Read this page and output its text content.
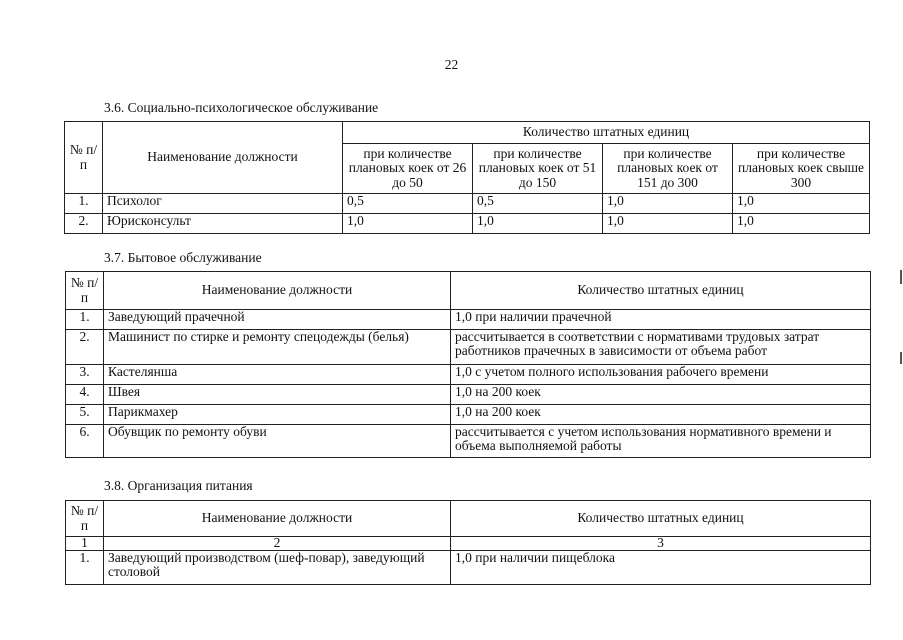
22
3.6. Социально-психологическое обслуживание
№ п/п	Наименование должности	Количество штатных единиц			
		при количестве плановых коек от 26 до 50	при количестве плановых коек от 51 до 150	при количестве плановых коек от 151 до 300	при количестве плановых коек свыше 300
1.	Психолог	0,5	0,5	1,0	1,0
2.	Юрисконсульт	1,0	1,0	1,0	1,0
3.7. Бытовое обслуживание
№ п/п	Наименование должности	Количество штатных единиц
1.	Заведующий прачечной	1,0 при наличии прачечной
2.	Машинист по стирке и ремонту спецодежды (белья)	рассчитывается в соответствии с нормативами трудовых затрат работников прачечных в зависимости от объема работ
3.	Кастелянша	1,0 с учетом полного использования рабочего времени
4.	Швея	1,0 на 200 коек
5.	Парикмахер	1,0 на 200 коек
6.	Обувщик по ремонту обуви	рассчитывается с учетом использования нормативного времени и объема выполняемой работы
3.8. Организация питания
№ п/п	Наименование должности	Количество штатных единиц
1	2	3
1.	Заведующий производством (шеф-повар), заведующий столовой	1,0 при наличии пищеблока
